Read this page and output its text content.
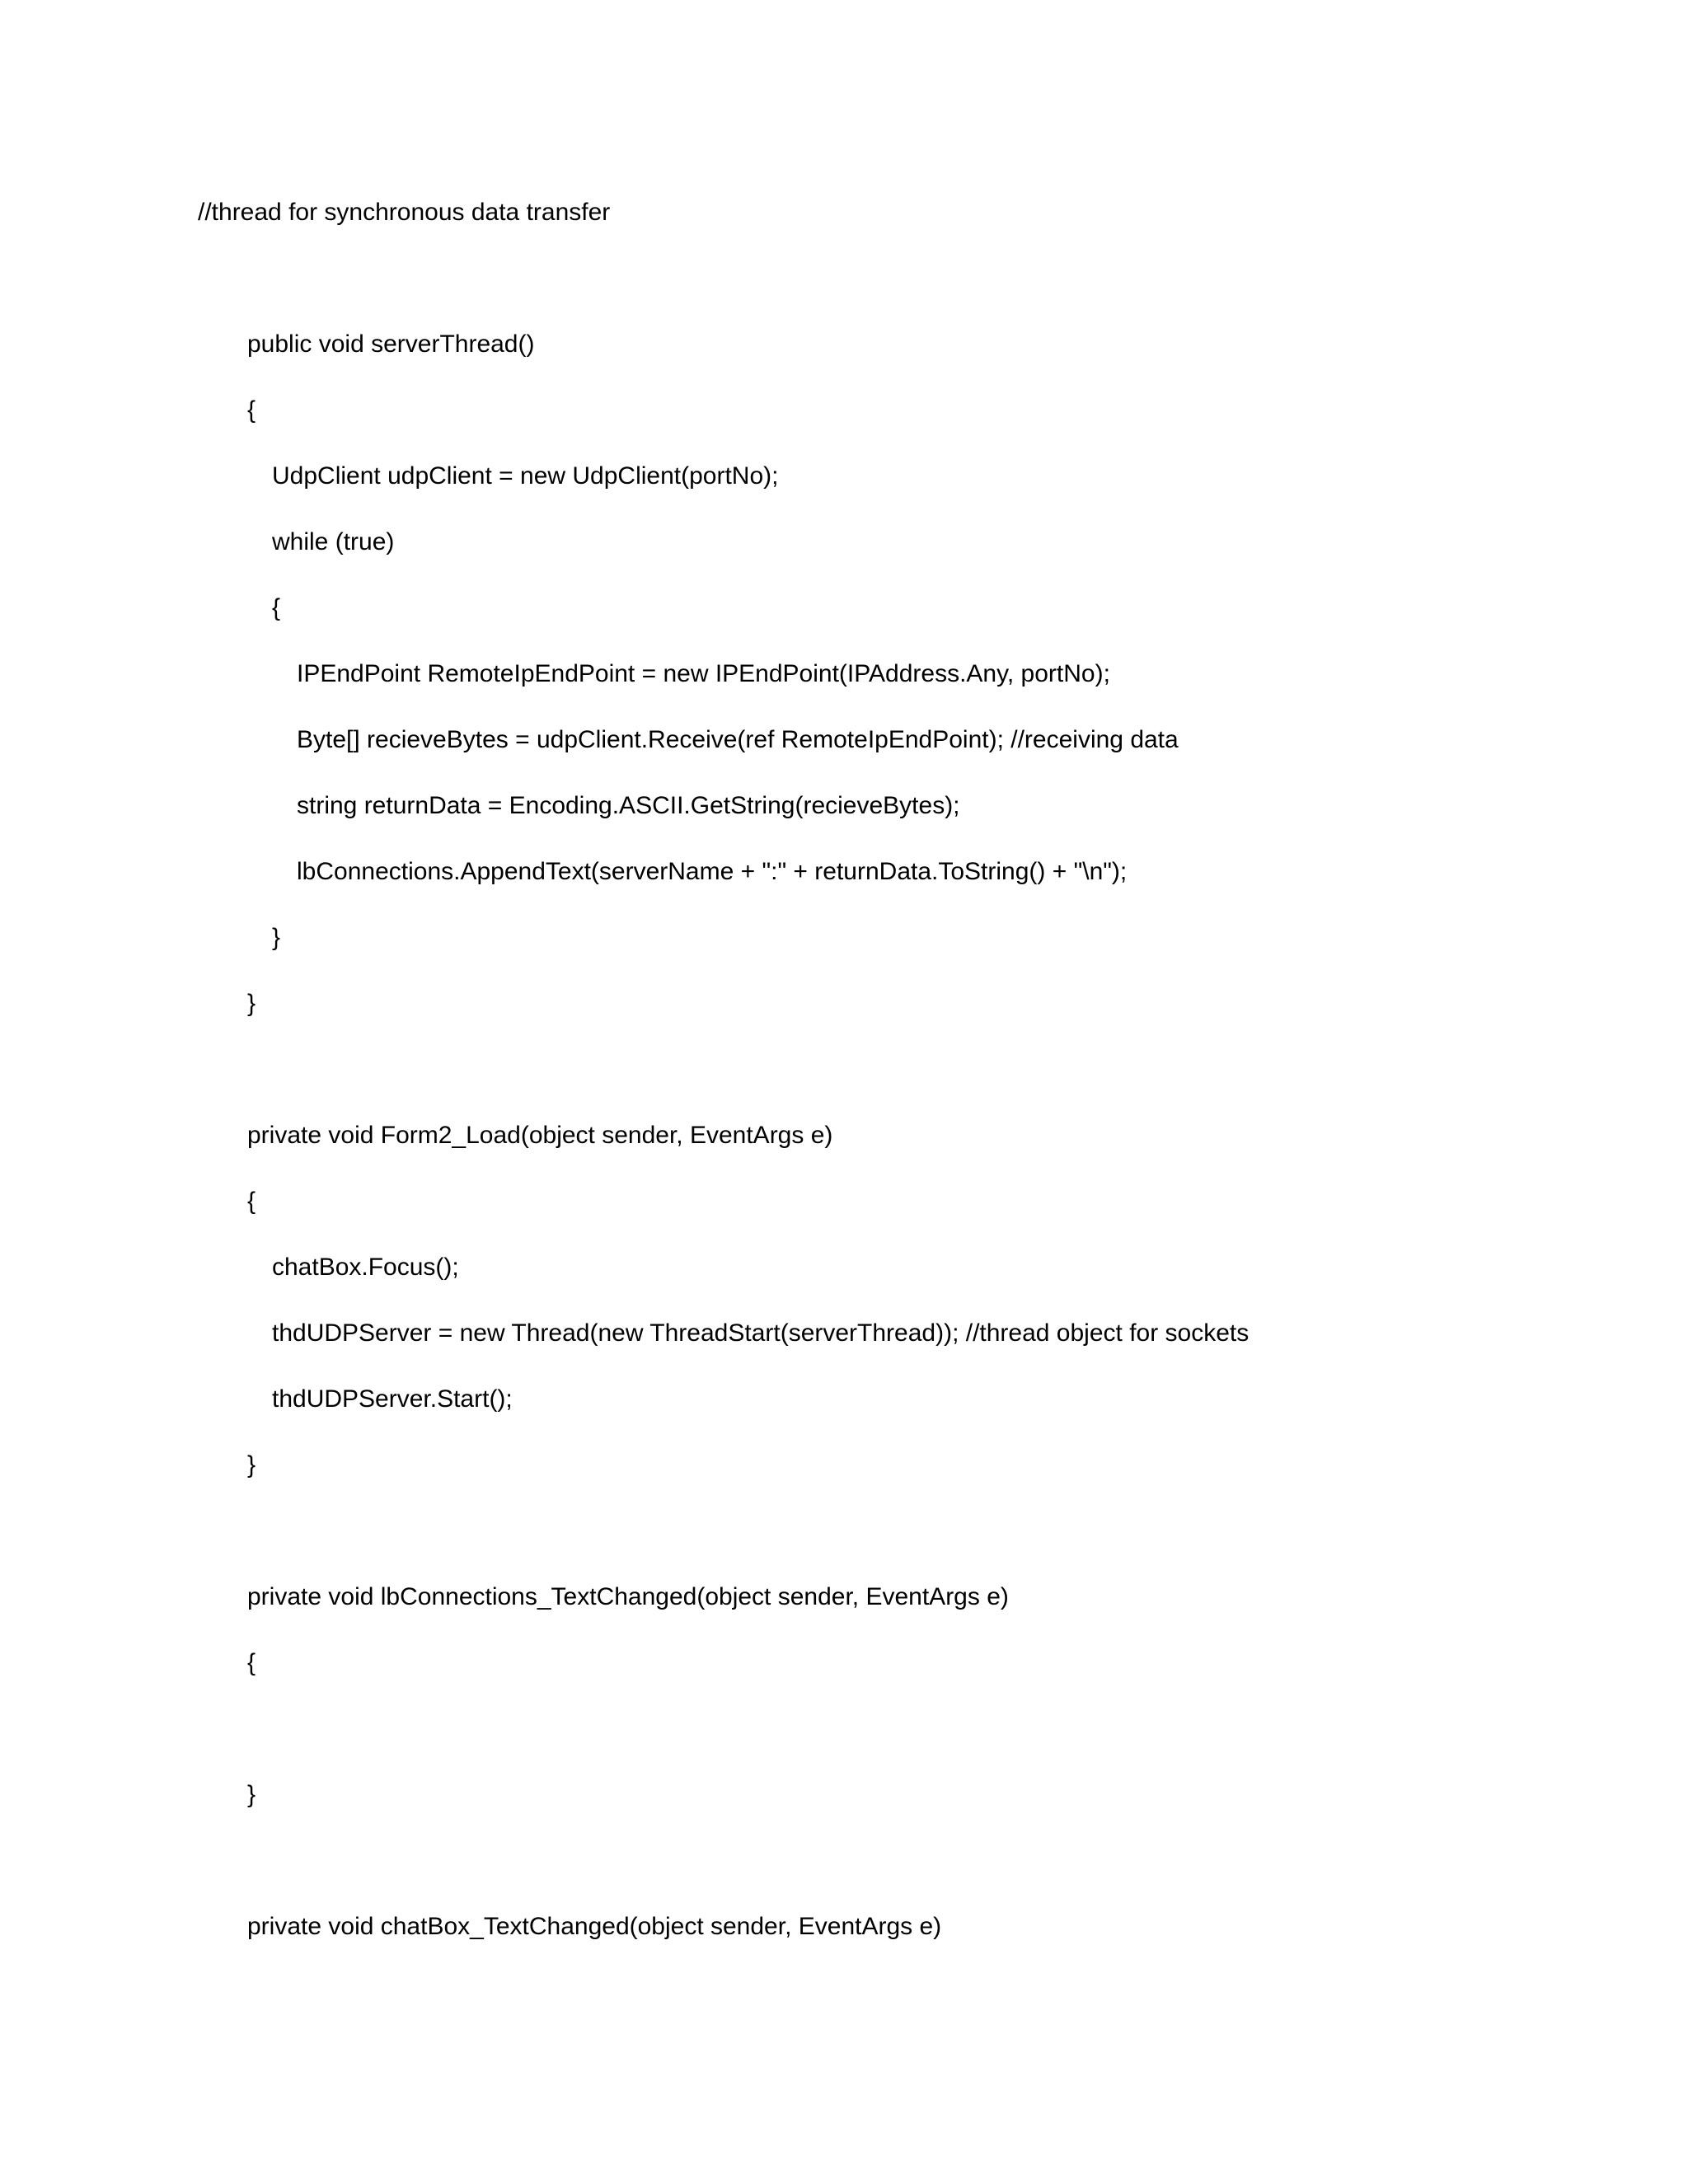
//thread for synchronous data transfer
public void serverThread()
{
UdpClient udpClient = new UdpClient(portNo);
while (true)
{
IPEndPoint RemoteIpEndPoint = new IPEndPoint(IPAddress.Any, portNo);
Byte[] recieveBytes = udpClient.Receive(ref RemoteIpEndPoint); //receiving data
string returnData = Encoding.ASCII.GetString(recieveBytes);
lbConnections.AppendText(serverName + ":" + returnData.ToString() + "\n");
}
}
private void Form2_Load(object sender, EventArgs e)
{
chatBox.Focus();
thdUDPServer = new Thread(new ThreadStart(serverThread)); //thread object for sockets
thdUDPServer.Start();
}
private void lbConnections_TextChanged(object sender, EventArgs e)
{
}
private void chatBox_TextChanged(object sender, EventArgs e)
